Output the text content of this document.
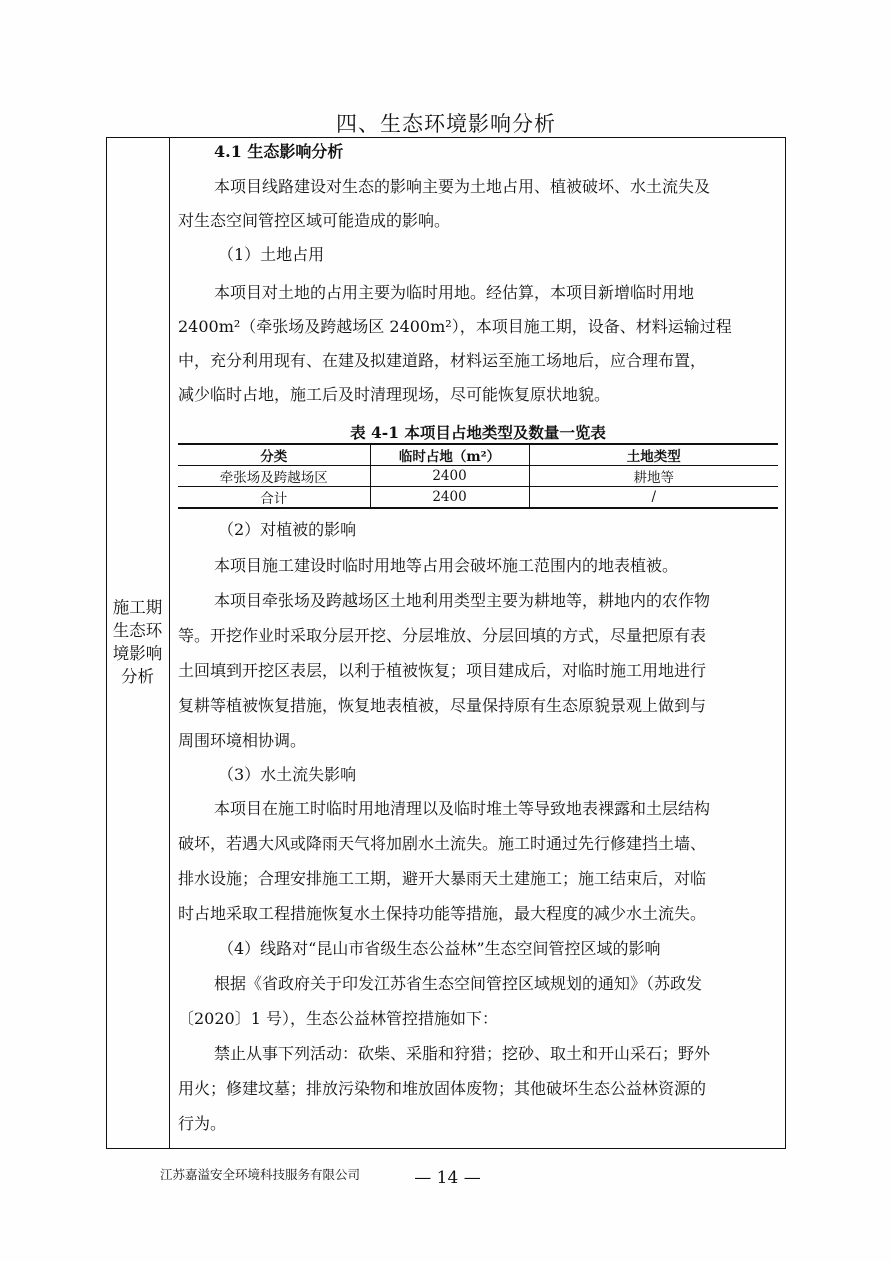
四、生态环境影响分析
施工期
生态环
境影响
分析
4.1 生态影响分析
本项目线路建设对生态的影响主要为土地占用、植被破坏、水土流失及
对生态空间管控区域可能造成的影响。
（1）土地占用
本项目对土地的占用主要为临时用地。经估算，本项目新增临时用地
2400m²（牵张场及跨越场区 2400m²），本项目施工期，设备、材料运输过程
中，充分利用现有、在建及拟建道路，材料运至施工场地后，应合理布置，
减少临时占地，施工后及时清理现场，尽可能恢复原状地貌。
表 4-1 本项目占地类型及数量一览表
分类	临时占地（m²）	土地类型
牵张场及跨越场区	2400	耕地等
合计	2400	/
（2）对植被的影响
本项目施工建设时临时用地等占用会破坏施工范围内的地表植被。
本项目牵张场及跨越场区土地利用类型主要为耕地等，耕地内的农作物
等。开挖作业时采取分层开挖、分层堆放、分层回填的方式，尽量把原有表
土回填到开挖区表层，以利于植被恢复；项目建成后，对临时施工用地进行
复耕等植被恢复措施，恢复地表植被，尽量保持原有生态原貌景观上做到与
周围环境相协调。
（3）水土流失影响
本项目在施工时临时用地清理以及临时堆土等导致地表裸露和土层结构
破坏，若遇大风或降雨天气将加剧水土流失。施工时通过先行修建挡土墙、
排水设施；合理安排施工工期，避开大暴雨天土建施工；施工结束后，对临
时占地采取工程措施恢复水土保持功能等措施，最大程度的减少水土流失。
（4）线路对“昆山市省级生态公益林”生态空间管控区域的影响
根据《省政府关于印发江苏省生态空间管控区域规划的通知》（苏政发
〔2020〕1 号），生态公益林管控措施如下：
禁止从事下列活动：砍柴、采脂和狩猎；挖砂、取土和开山采石；野外
用火；修建坟墓；排放污染物和堆放固体废物；其他破坏生态公益林资源的
行为。
江苏嘉溢安全环境科技服务有限公司	— 14 —
